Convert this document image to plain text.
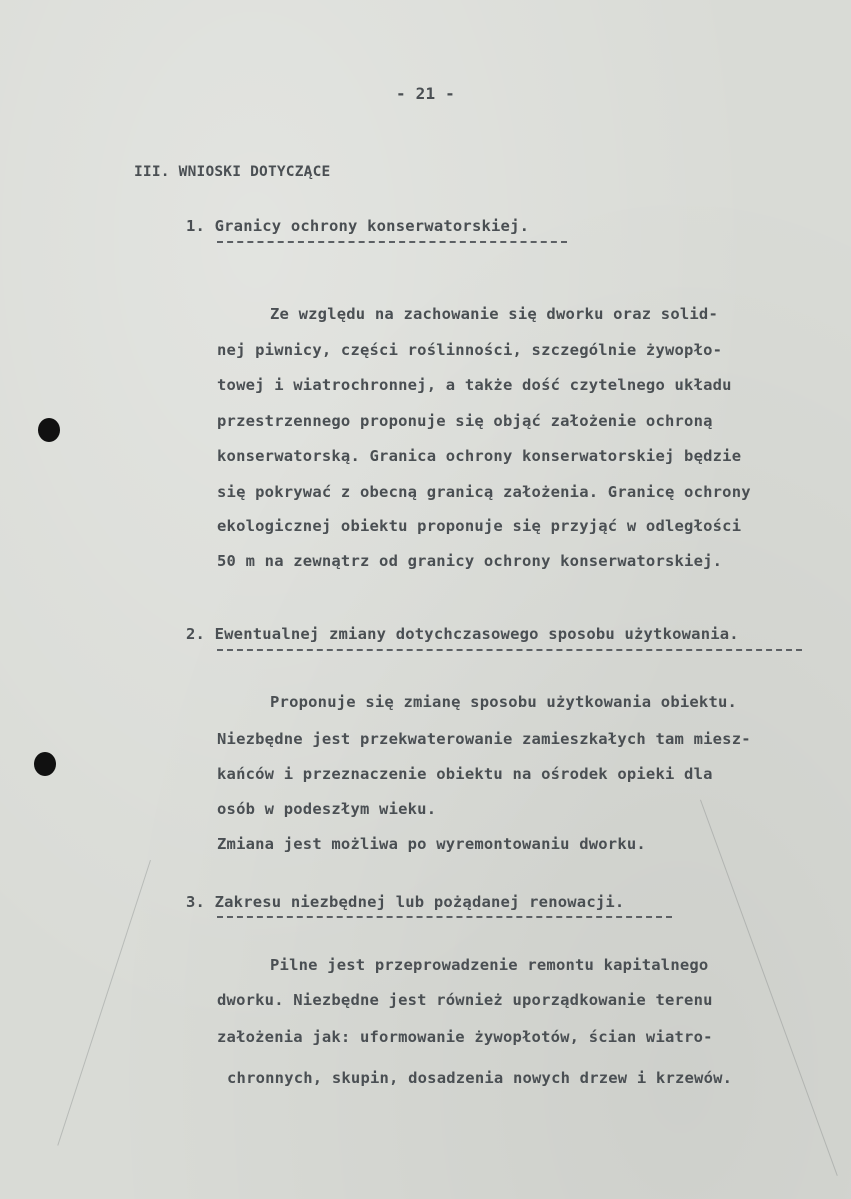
- 21 -
III. WNIOSKI DOTYCZĄCE
1. Granicy ochrony konserwatorskiej.
Ze względu na zachowanie się dworku oraz solid-
nej piwnicy, części roślinności, szczególnie żywopło-
towej i wiatrochronnej, a także dość czytelnego układu
przestrzennego proponuje się objąć założenie ochroną
konserwatorską. Granica ochrony konserwatorskiej będzie
się pokrywać z obecną granicą założenia. Granicę ochrony
ekologicznej obiektu proponuje się przyjąć w odległości
50 m na zewnątrz od granicy ochrony konserwatorskiej.
2. Ewentualnej zmiany dotychczasowego sposobu użytkowania.
Proponuje się zmianę sposobu użytkowania obiektu.
Niezbędne jest przekwaterowanie zamieszkałych tam miesz-
kańców i przeznaczenie obiektu na ośrodek opieki dla
osób w podeszłym wieku.
Zmiana jest możliwa po wyremontowaniu dworku.
3. Zakresu niezbędnej lub pożądanej renowacji.
Pilne jest przeprowadzenie remontu kapitalnego
dworku. Niezbędne jest również uporządkowanie terenu
założenia jak: uformowanie żywopłotów, ścian wiatro-
chronnych, skupin, dosadzenia nowych drzew i krzewów.
